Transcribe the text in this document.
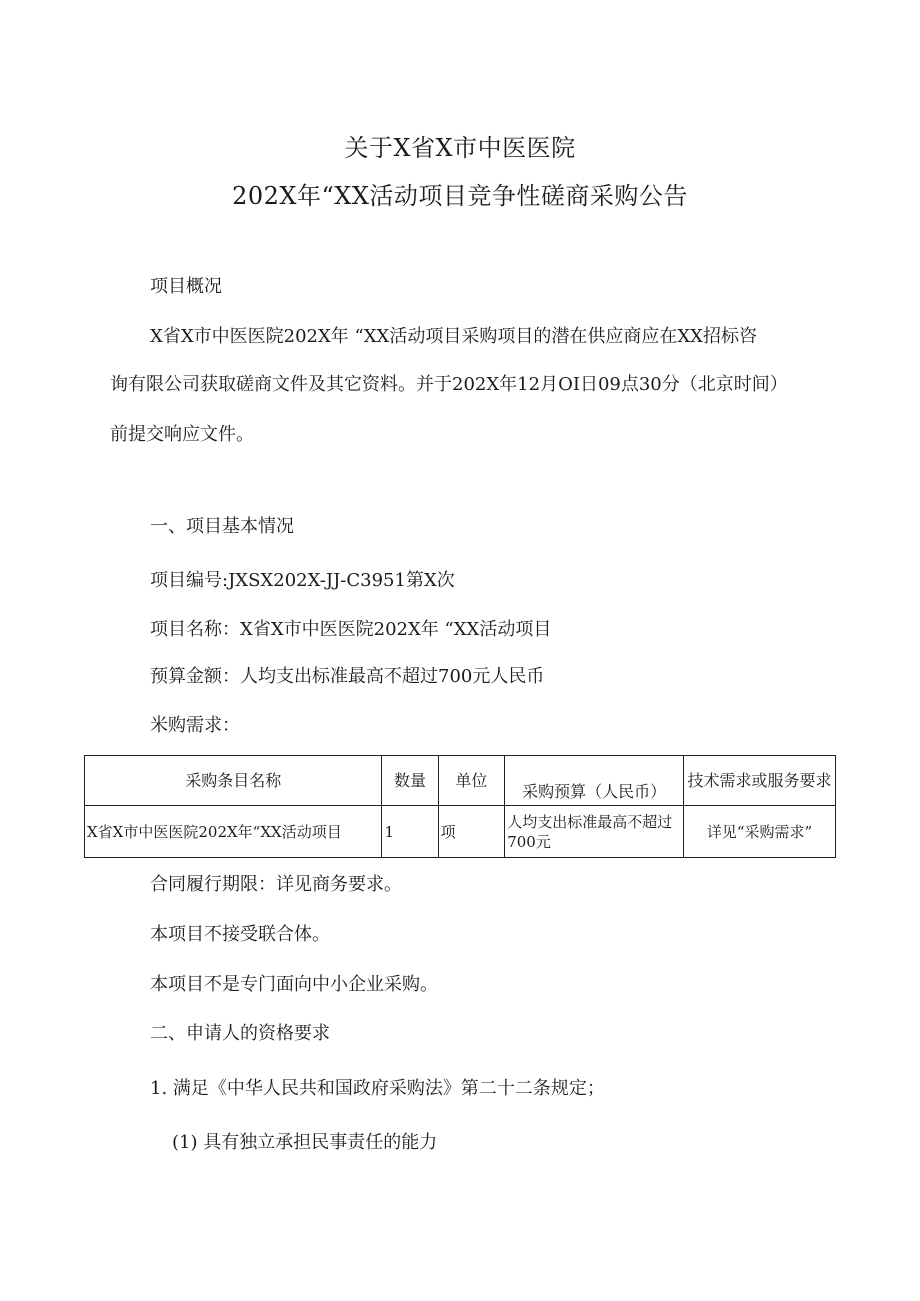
关于X省X市中医医院
202X年“XX活动项目竞争性磋商采购公告

项目概况

X省X市中医医院202X年 “XX活动项目采购项目的潜在供应商应在XX招标咨

询有限公司获取磋商文件及其它资料。并于202X年12月OI日09点30分（北京时间）

前提交响应文件。

一、项目基本情况

项目编号:JXSX202X-JJ-C3951第X次

项目名称：X省X市中医医院202X年 “XX活动项目

预算金额：人均支出标准最高不超过700元人民币

米购需求：

采购条目名称	数量	单位	采购预算（人民币）	技术需求或服务要求
X省X市中医医院202X年“XX活动项目	1	项	人均支出标准最高不超过700元	详见“采购需求”

合同履行期限：详见商务要求。

本项目不接受联合体。

本项目不是专门面向中小企业采购。

二、申请人的资格要求

1. 满足《中华人民共和国政府采购法》第二十二条规定；

(1) 具有独立承担民事责任的能力
